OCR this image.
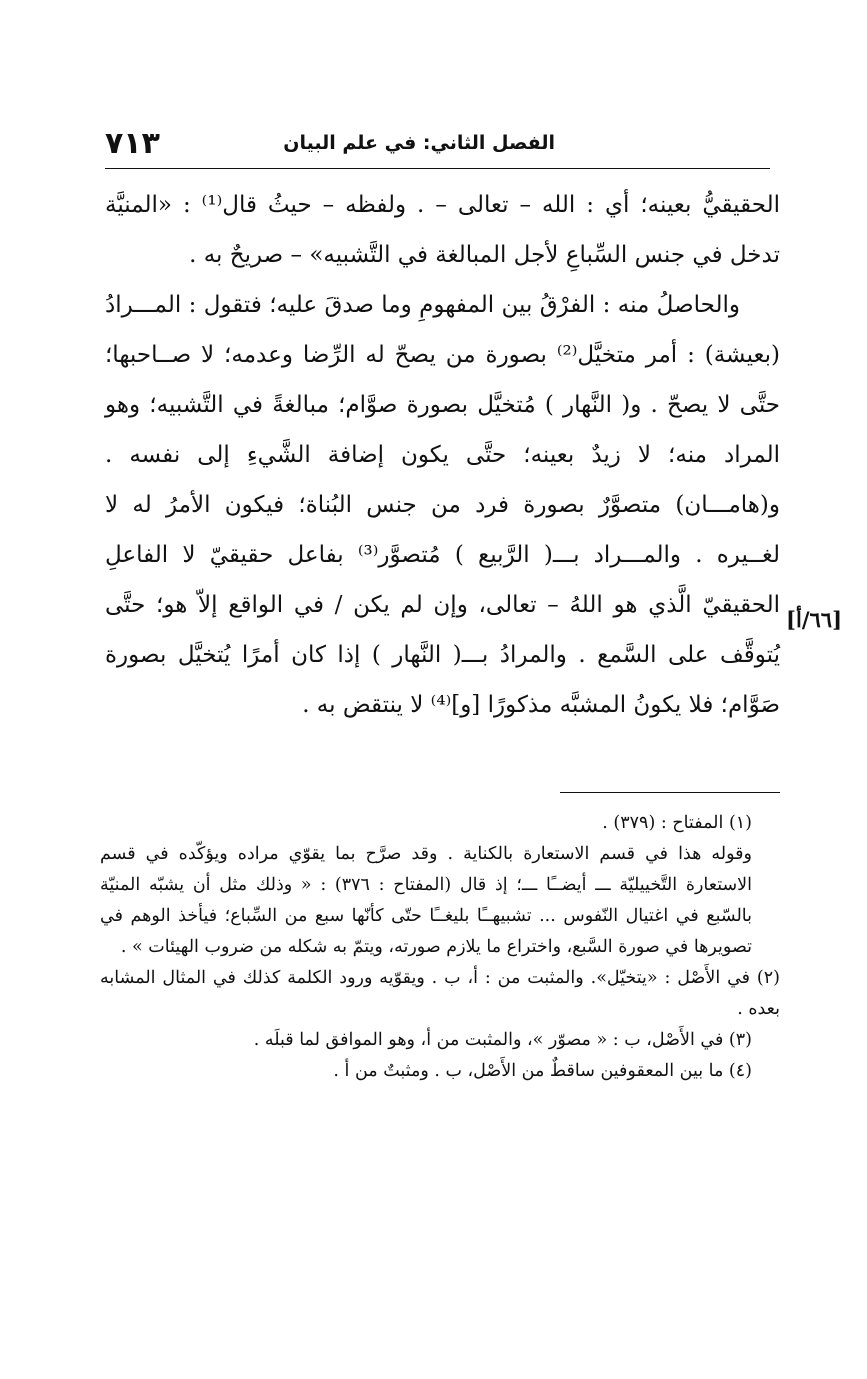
الفصل الثاني: في علم البيان
٧١٣

الحقيقيُّ بعينه؛ أي : الله – تعالى – . ولفظه – حيثُ قال⁽¹⁾ : «المنيَّة تدخل في جنس السِّباعِ لأجل المبالغة في التَّشبيه» – صريحٌ به .

والحاصلُ منه : الفرْقُ بين المفهومِ وما صدقَ عليه؛ فتقول : المـــرادُ (بعيشة) : أمر متخيَّل⁽²⁾ بصورة من يصحّ له الرِّضا وعدمه؛ لا صــاحبها؛ حتَّى لا يصحّ . و( النَّهار ) مُتخيَّل بصورة صوَّام؛ مبالغةً في التَّشبيه؛ وهو المراد منه؛ لا زيدٌ بعينه؛ حتَّى يكون إضافة الشَّيءِ إلى نفسه . و(هامـــان) متصوَّرٌ بصورة فرد من جنس البُناة؛ فيكون الأمرُ له لا لغــيره . والمـــراد بـــ( الرَّبيع ) مُتصوَّر⁽³⁾ بفاعل حقيقيّ لا الفاعلِ الحقيقيّ الَّذي هو اللهُ – تعالى، وإن لم يكن / في الواقع إلاّ هو؛ حتَّى يُتوقَّف على السَّمع . والمرادُ بـــ( النَّهار ) إذا كان أمرًا يُتخيَّل بصورة صَوَّام؛ فلا يكونُ المشبَّه مذكورًا [و]⁽⁴⁾ لا ينتقض به .

[٦٦/أ]

(١) المفتاح : (٣٧٩) .

وقوله هذا في قسم الاستعارة بالكناية . وقد صرَّح بما يقوّي مراده ويؤكّده في قسم الاستعارة التَّخييليّة ـــ أيضــًا ـــ؛ إذ قال (المفتاح : ٣٧٦) : « وذلك مثل أن يشبّه المنيّة بالسّبع في اغتيال النّفوس ... تشبيهــًا بليغــًا حتّى كأنّها سبع من السِّباع؛ فيأخذ الوهم في تصويرها في صورة السَّبع، واختراع ما يلازم صورته، ويتمّ به شكله من ضروب الهيئات » .

(٢) في الأَصْل : «يتخيّل». والمثبت من : أ، ب . ويقوّيه ورود الكلمة كذلك في المثال المشابه بعده .

(٣) في الأَصْل، ب : « مصوّر »، والمثبت من أ، وهو الموافق لما قبلَه .

(٤) ما بين المعقوفين ساقطٌ من الأَصْل، ب . ومثبتٌ من أ .
